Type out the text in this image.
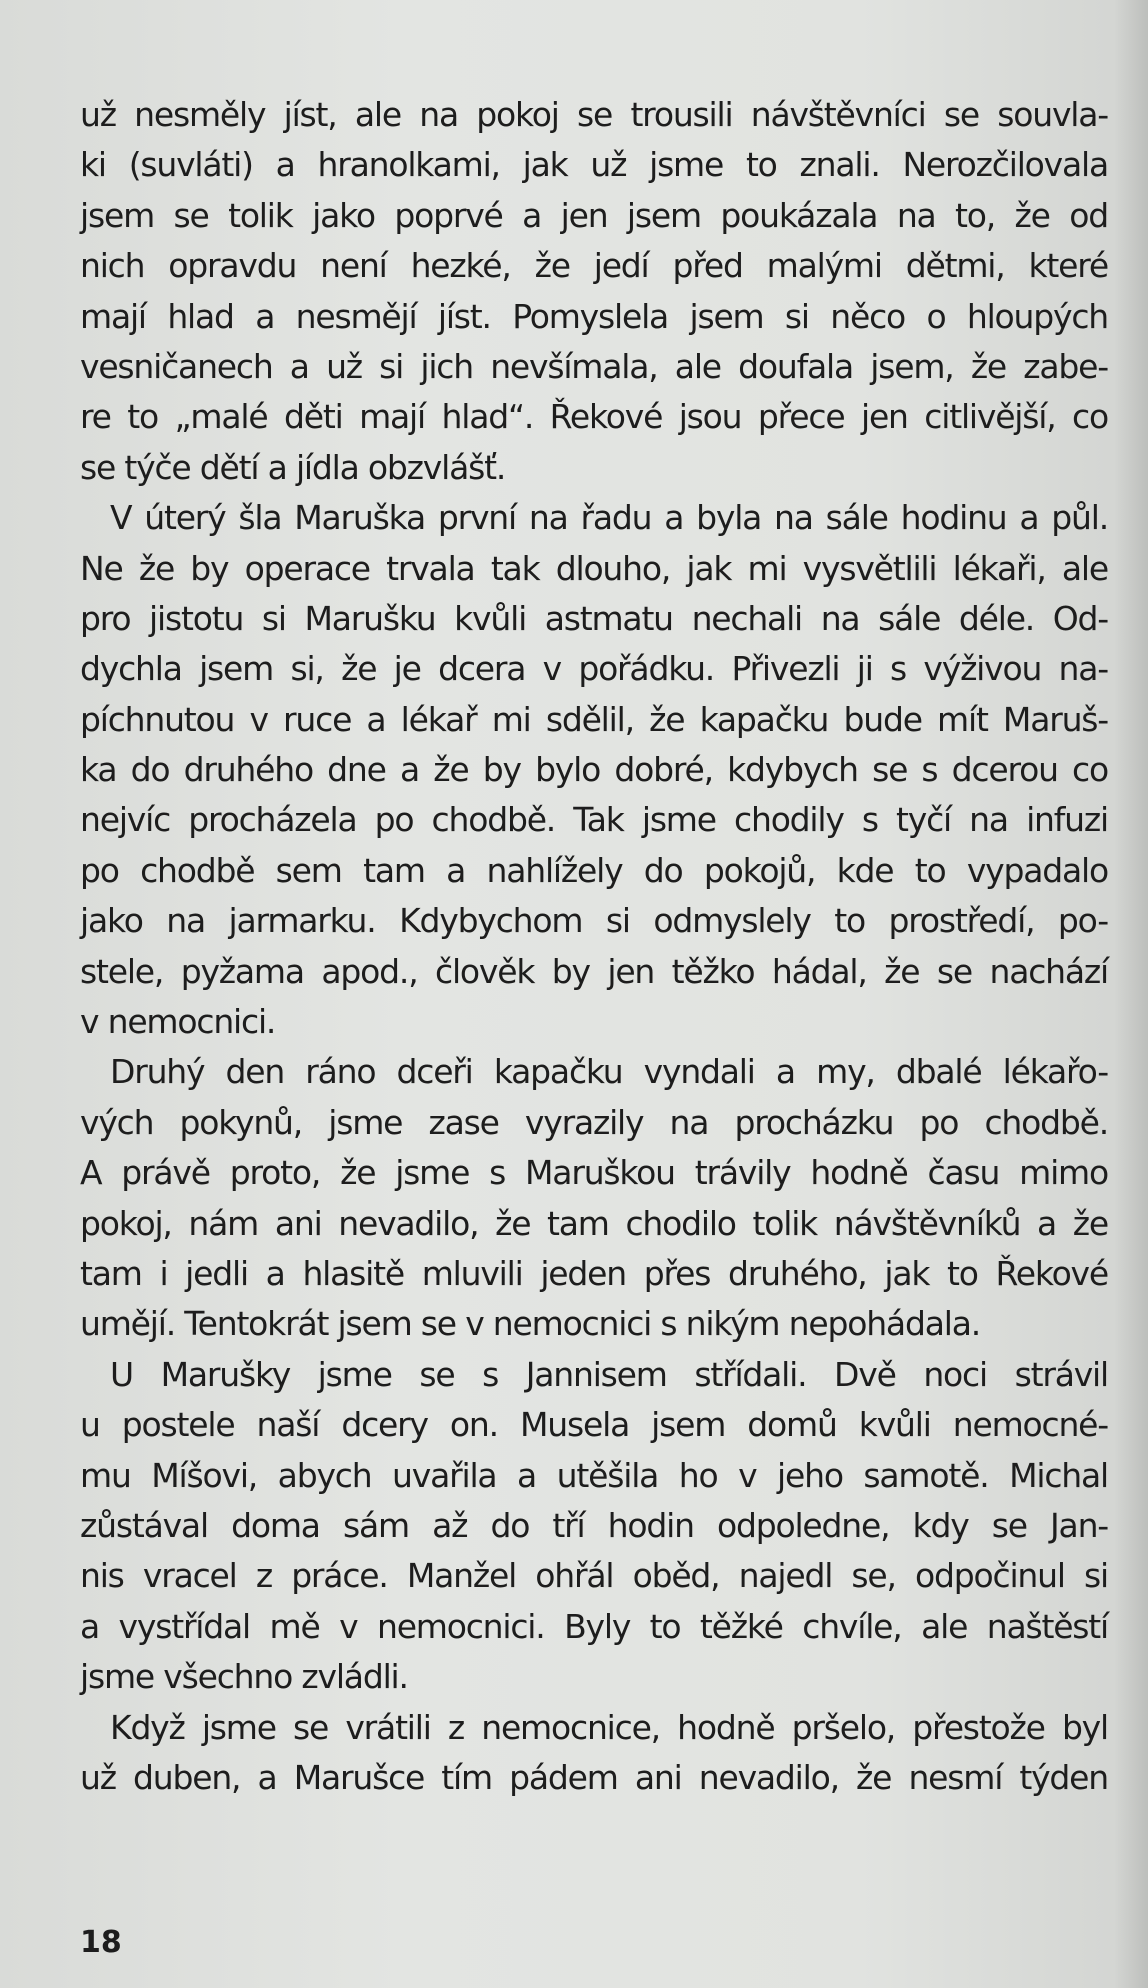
už nesměly jíst, ale na pokoj se trousili návštěvníci se souvla-
ki (suvláti) a hranolkami, jak už jsme to znali. Nerozčilovala
jsem se tolik jako poprvé a jen jsem poukázala na to, že od
nich opravdu není hezké, že jedí před malými dětmi, které
mají hlad a nesmějí jíst. Pomyslela jsem si něco o hloupých
vesničanech a už si jich nevšímala, ale doufala jsem, že zabe-
re to „malé děti mají hlad“. Řekové jsou přece jen citlivější, co
se týče dětí a jídla obzvlášť.
V úterý šla Maruška první na řadu a byla na sále hodinu a půl.
Ne že by operace trvala tak dlouho, jak mi vysvětlili lékaři, ale
pro jistotu si Marušku kvůli astmatu nechali na sále déle. Od-
dychla jsem si, že je dcera v pořádku. Přivezli ji s výživou na-
píchnutou v ruce a lékař mi sdělil, že kapačku bude mít Maruš-
ka do druhého dne a že by bylo dobré, kdybych se s dcerou co
nejvíc procházela po chodbě. Tak jsme chodily s tyčí na infuzi
po chodbě sem tam a nahlížely do pokojů, kde to vypadalo
jako na jarmarku. Kdybychom si odmyslely to prostředí, po-
stele, pyžama apod., člověk by jen těžko hádal, že se nachází
v nemocnici.
Druhý den ráno dceři kapačku vyndali a my, dbalé lékařo-
vých pokynů, jsme zase vyrazily na procházku po chodbě.
A právě proto, že jsme s Maruškou trávily hodně času mimo
pokoj, nám ani nevadilo, že tam chodilo tolik návštěvníků a že
tam i jedli a hlasitě mluvili jeden přes druhého, jak to Řekové
umějí. Tentokrát jsem se v nemocnici s nikým nepohádala.
U Marušky jsme se s Jannisem střídali. Dvě noci strávil
u postele naší dcery on. Musela jsem domů kvůli nemocné-
mu Míšovi, abych uvařila a utěšila ho v jeho samotě. Michal
zůstával doma sám až do tří hodin odpoledne, kdy se Jan-
nis vracel z práce. Manžel ohřál oběd, najedl se, odpočinul si
a vystřídal mě v nemocnici. Byly to těžké chvíle, ale naštěstí
jsme všechno zvládli.
Když jsme se vrátili z nemocnice, hodně pršelo, přestože byl
už duben, a Marušce tím pádem ani nevadilo, že nesmí týden
18
